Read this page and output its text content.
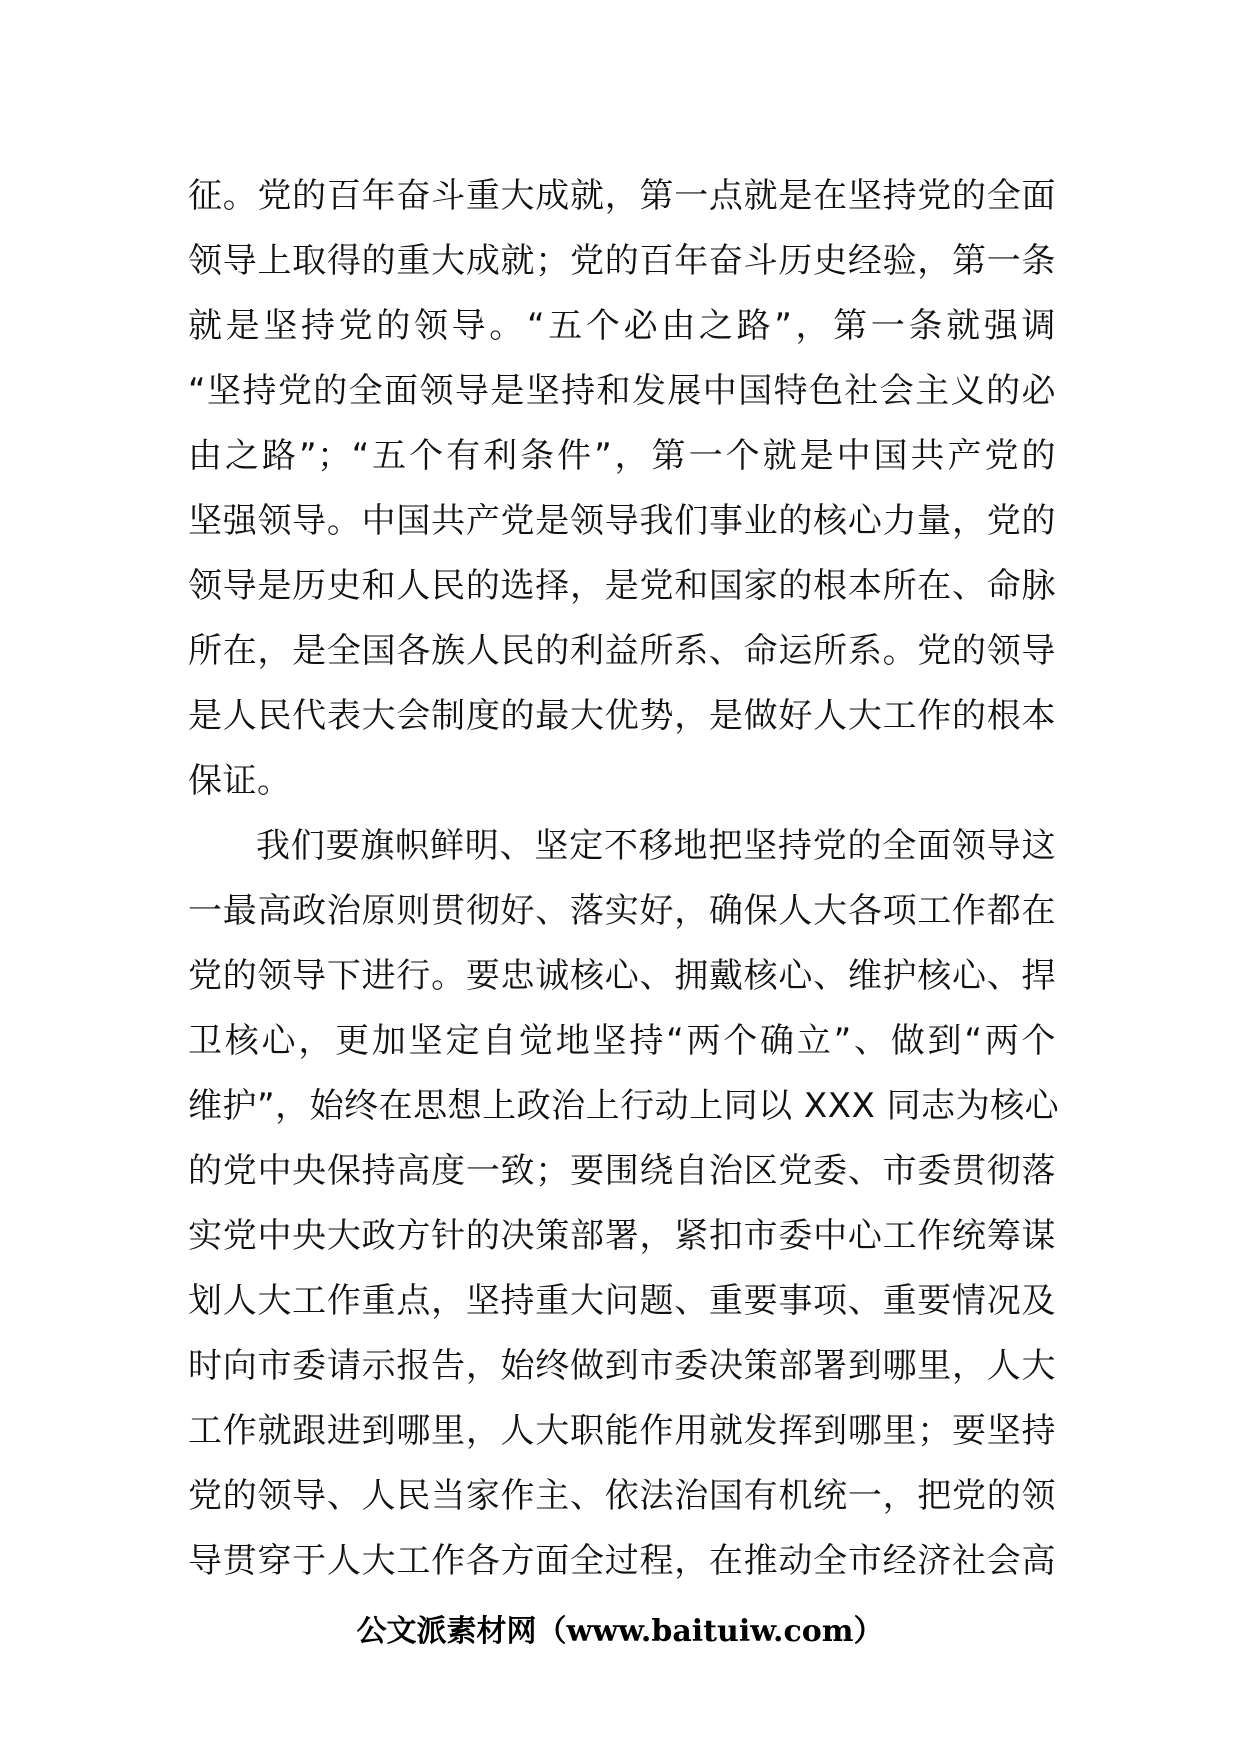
征。党的百年奋斗重大成就，第一点就是在坚持党的全面
领导上取得的重大成就；党的百年奋斗历史经验，第一条
就是坚持党的领导。“五个必由之路”，第一条就强调
“坚持党的全面领导是坚持和发展中国特色社会主义的必
由之路”；“五个有利条件”，第一个就是中国共产党的
坚强领导。中国共产党是领导我们事业的核心力量，党的
领导是历史和人民的选择，是党和国家的根本所在、命脉
所在，是全国各族人民的利益所系、命运所系。党的领导
是人民代表大会制度的最大优势，是做好人大工作的根本
保证。
我们要旗帜鲜明、坚定不移地把坚持党的全面领导这
一最高政治原则贯彻好、落实好，确保人大各项工作都在
党的领导下进行。要忠诚核心、拥戴核心、维护核心、捍
卫核心，更加坚定自觉地坚持“两个确立”、做到“两个
维护”，始终在思想上政治上行动上同以 XXX 同志为核心
的党中央保持高度一致；要围绕自治区党委、市委贯彻落
实党中央大政方针的决策部署，紧扣市委中心工作统筹谋
划人大工作重点，坚持重大问题、重要事项、重要情况及
时向市委请示报告，始终做到市委决策部署到哪里，人大
工作就跟进到哪里，人大职能作用就发挥到哪里；要坚持
党的领导、人民当家作主、依法治国有机统一，把党的领
导贯穿于人大工作各方面全过程，在推动全市经济社会高
公文派素材网（www.baituiw.com）
